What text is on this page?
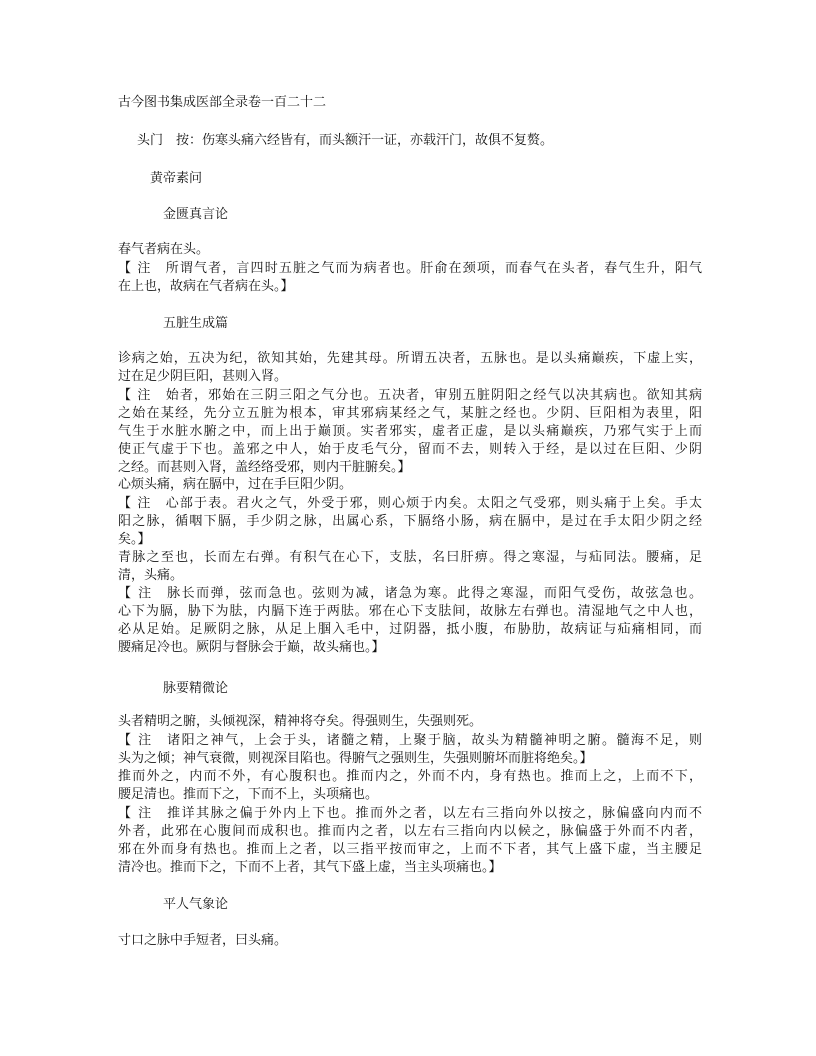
古今图书集成医部全录卷一百二十二
头门　按：伤寒头痛六经皆有，而头额汗一证，亦载汗门，故俱不复赘。
黄帝素问
金匮真言论
春气者病在头。
【 注　所谓气者，言四时五脏之气而为病者也。肝俞在颈项，而春气在头者，春气生升，阳气
在上也，故病在气者病在头。】
五脏生成篇
诊病之始，五决为纪，欲知其始，先建其母。所谓五决者，五脉也。是以头痛巅疾，下虚上实，
过在足少阴巨阳，甚则入肾。
【 注　始者，邪始在三阴三阳之气分也。五决者，审别五脏阴阳之经气以决其病也。欲知其病
之始在某经，先分立五脏为根本，审其邪病某经之气，某脏之经也。少阴、巨阳相为表里，阳
气生于水脏水腑之中，而上出于巅顶。实者邪实，虚者正虚，是以头痛巅疾，乃邪气实于上而
使正气虚于下也。盖邪之中人，始于皮毛气分，留而不去，则转入于经，是以过在巨阳、少阴
之经。而甚则入肾，盖经络受邪，则内干脏腑矣。】
心烦头痛，病在膈中，过在手巨阳少阴。
【 注　心部于表。君火之气，外受于邪，则心烦于内矣。太阳之气受邪，则头痛于上矣。手太
阳之脉，循咽下膈，手少阴之脉，出属心系，下膈络小肠，病在膈中，是过在手太阳少阴之经
矣。】
青脉之至也，长而左右弹。有积气在心下，支胠，名曰肝痹。得之寒湿，与疝同法。腰痛，足
清，头痛。
【 注　脉长而弹，弦而急也。弦则为减，诸急为寒。此得之寒湿，而阳气受伤，故弦急也。
心下为膈，胁下为胠，内膈下连于两胠。邪在心下支胠间，故脉左右弹也。清湿地气之中人也，
必从足始。足厥阴之脉，从足上腘入毛中，过阴器，抵小腹，布胁肋，故病证与疝痛相同，而
腰痛足冷也。厥阴与督脉会于巅，故头痛也。】
脉要精微论
头者精明之腑，头倾视深，精神将夺矣。得强则生，失强则死。
【 注　诸阳之神气，上会于头，诸髓之精，上聚于脑，故头为精髓神明之腑。髓海不足，则
头为之倾；神气衰微，则视深目陷也。得腑气之强则生，失强则腑坏而脏将绝矣。】
推而外之，内而不外，有心腹积也。推而内之，外而不内，身有热也。推而上之，上而不下，
腰足清也。推而下之，下而不上，头项痛也。
【 注　推详其脉之偏于外内上下也。推而外之者，以左右三指向外以按之，脉偏盛向内而不
外者，此邪在心腹间而成积也。推而内之者，以左右三指向内以候之，脉偏盛于外而不内者，
邪在外而身有热也。推而上之者，以三指平按而审之，上而不下者，其气上盛下虚，当主腰足
清冷也。推而下之，下而不上者，其气下盛上虚，当主头项痛也。】
平人气象论
寸口之脉中手短者，曰头痛。
